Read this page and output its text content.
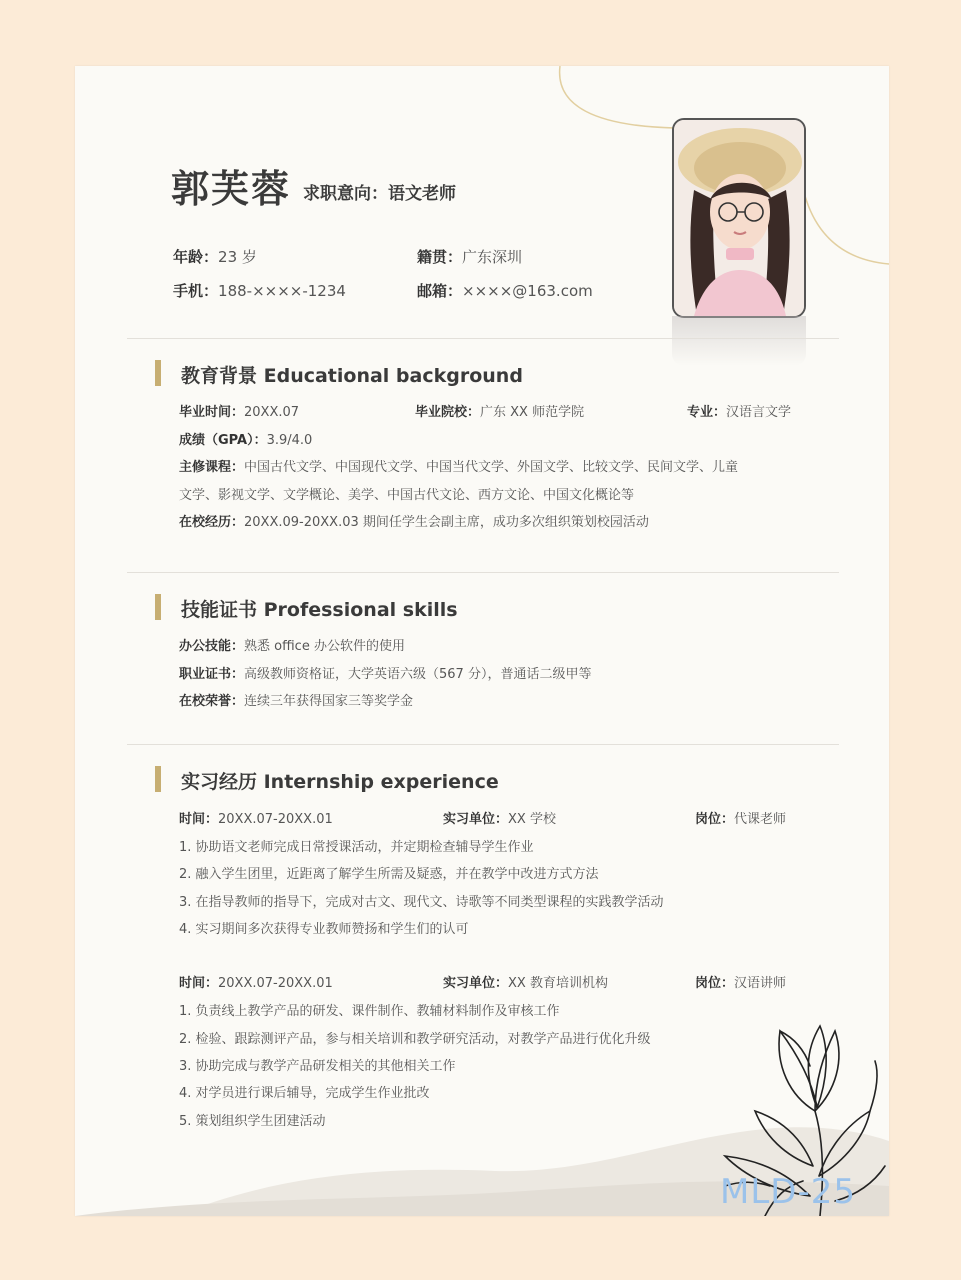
郭芙蓉 求职意向：语文老师
年龄：23 岁	籍贯：广东深圳
手机：188-××××-1234	邮箱：××××@163.com
教育背景 Educational background
毕业时间：20XX.07	毕业院校：广东 XX 师范学院	专业：汉语言文学
成绩（GPA）：3.9/4.0
主修课程：中国古代文学、中国现代文学、中国当代文学、外国文学、比较文学、民间文学、儿童
文学、影视文学、文学概论、美学、中国古代文论、西方文论、中国文化概论等
在校经历：20XX.09-20XX.03 期间任学生会副主席，成功多次组织策划校园活动
技能证书 Professional skills
办公技能：熟悉 office 办公软件的使用
职业证书：高级教师资格证，大学英语六级（567 分），普通话二级甲等
在校荣誉：连续三年获得国家三等奖学金
实习经历 Internship experience
时间：20XX.07-20XX.01	实习单位：XX 学校	岗位：代课老师
1. 协助语文老师完成日常授课活动，并定期检查辅导学生作业
2. 融入学生团里，近距离了解学生所需及疑惑，并在教学中改进方式方法
3. 在指导教师的指导下，完成对古文、现代文、诗歌等不同类型课程的实践教学活动
4. 实习期间多次获得专业教师赞扬和学生们的认可
时间：20XX.07-20XX.01	实习单位：XX 教育培训机构	岗位：汉语讲师
1. 负责线上教学产品的研发、课件制作、教辅材料制作及审核工作
2. 检验、跟踪测评产品，参与相关培训和教学研究活动，对教学产品进行优化升级
3. 协助完成与教学产品研发相关的其他相关工作
4. 对学员进行课后辅导，完成学生作业批改
5. 策划组织学生团建活动
MLD-25
